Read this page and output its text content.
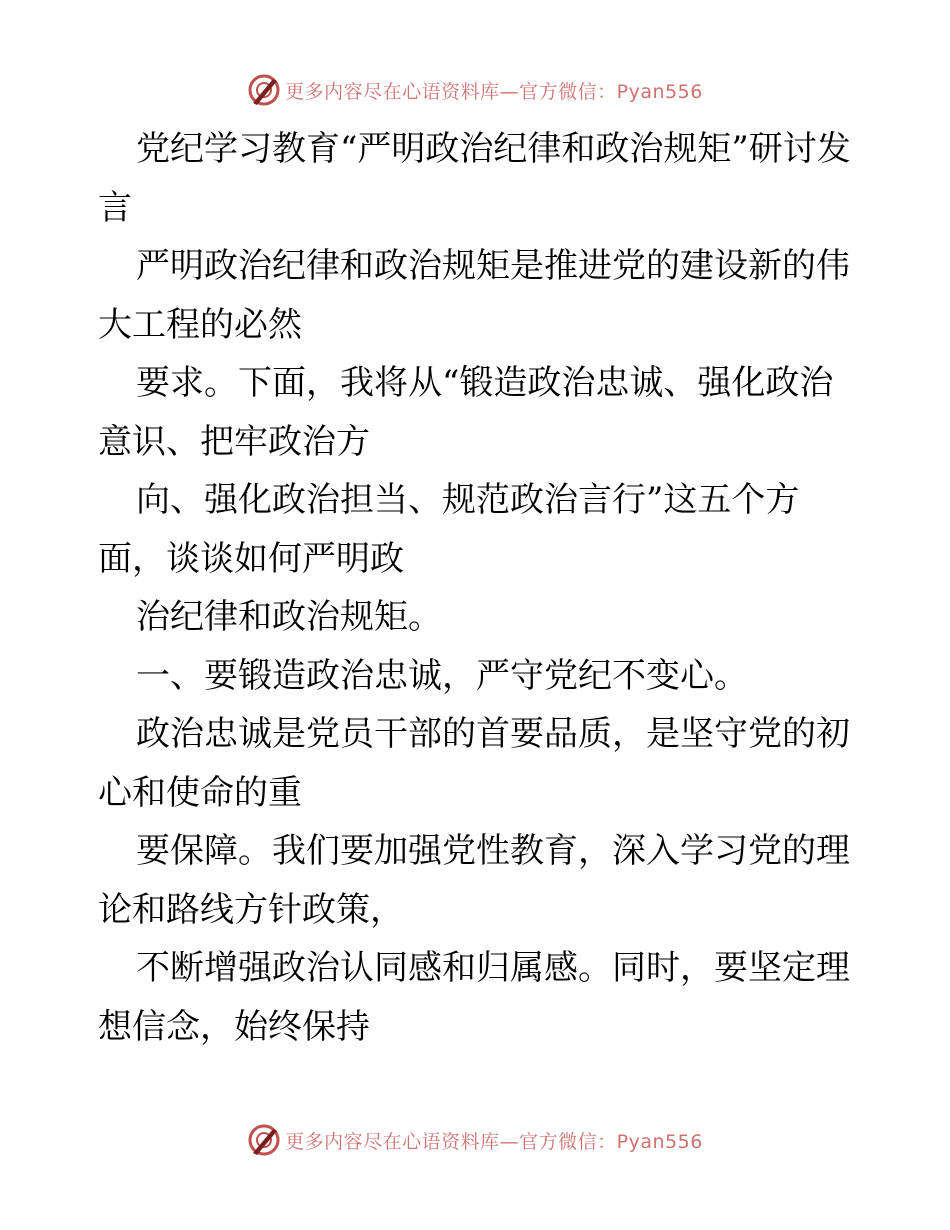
更多内容尽在心语资料库—官方微信：Pyan556

党纪学习教育“严明政治纪律和政治规矩”研讨发言

严明政治纪律和政治规矩是推进党的建设新的伟大工程的必然

要求。下面，我将从“锻造政治忠诚、强化政治意识、把牢政治方

向、强化政治担当、规范政治言行”这五个方面，谈谈如何严明政

治纪律和政治规矩。

一、要锻造政治忠诚，严守党纪不变心。

政治忠诚是党员干部的首要品质，是坚守党的初心和使命的重

要保障。我们要加强党性教育，深入学习党的理论和路线方针政策，

不断增强政治认同感和归属感。同时，要坚定理想信念，始终保持

更多内容尽在心语资料库—官方微信：Pyan556
